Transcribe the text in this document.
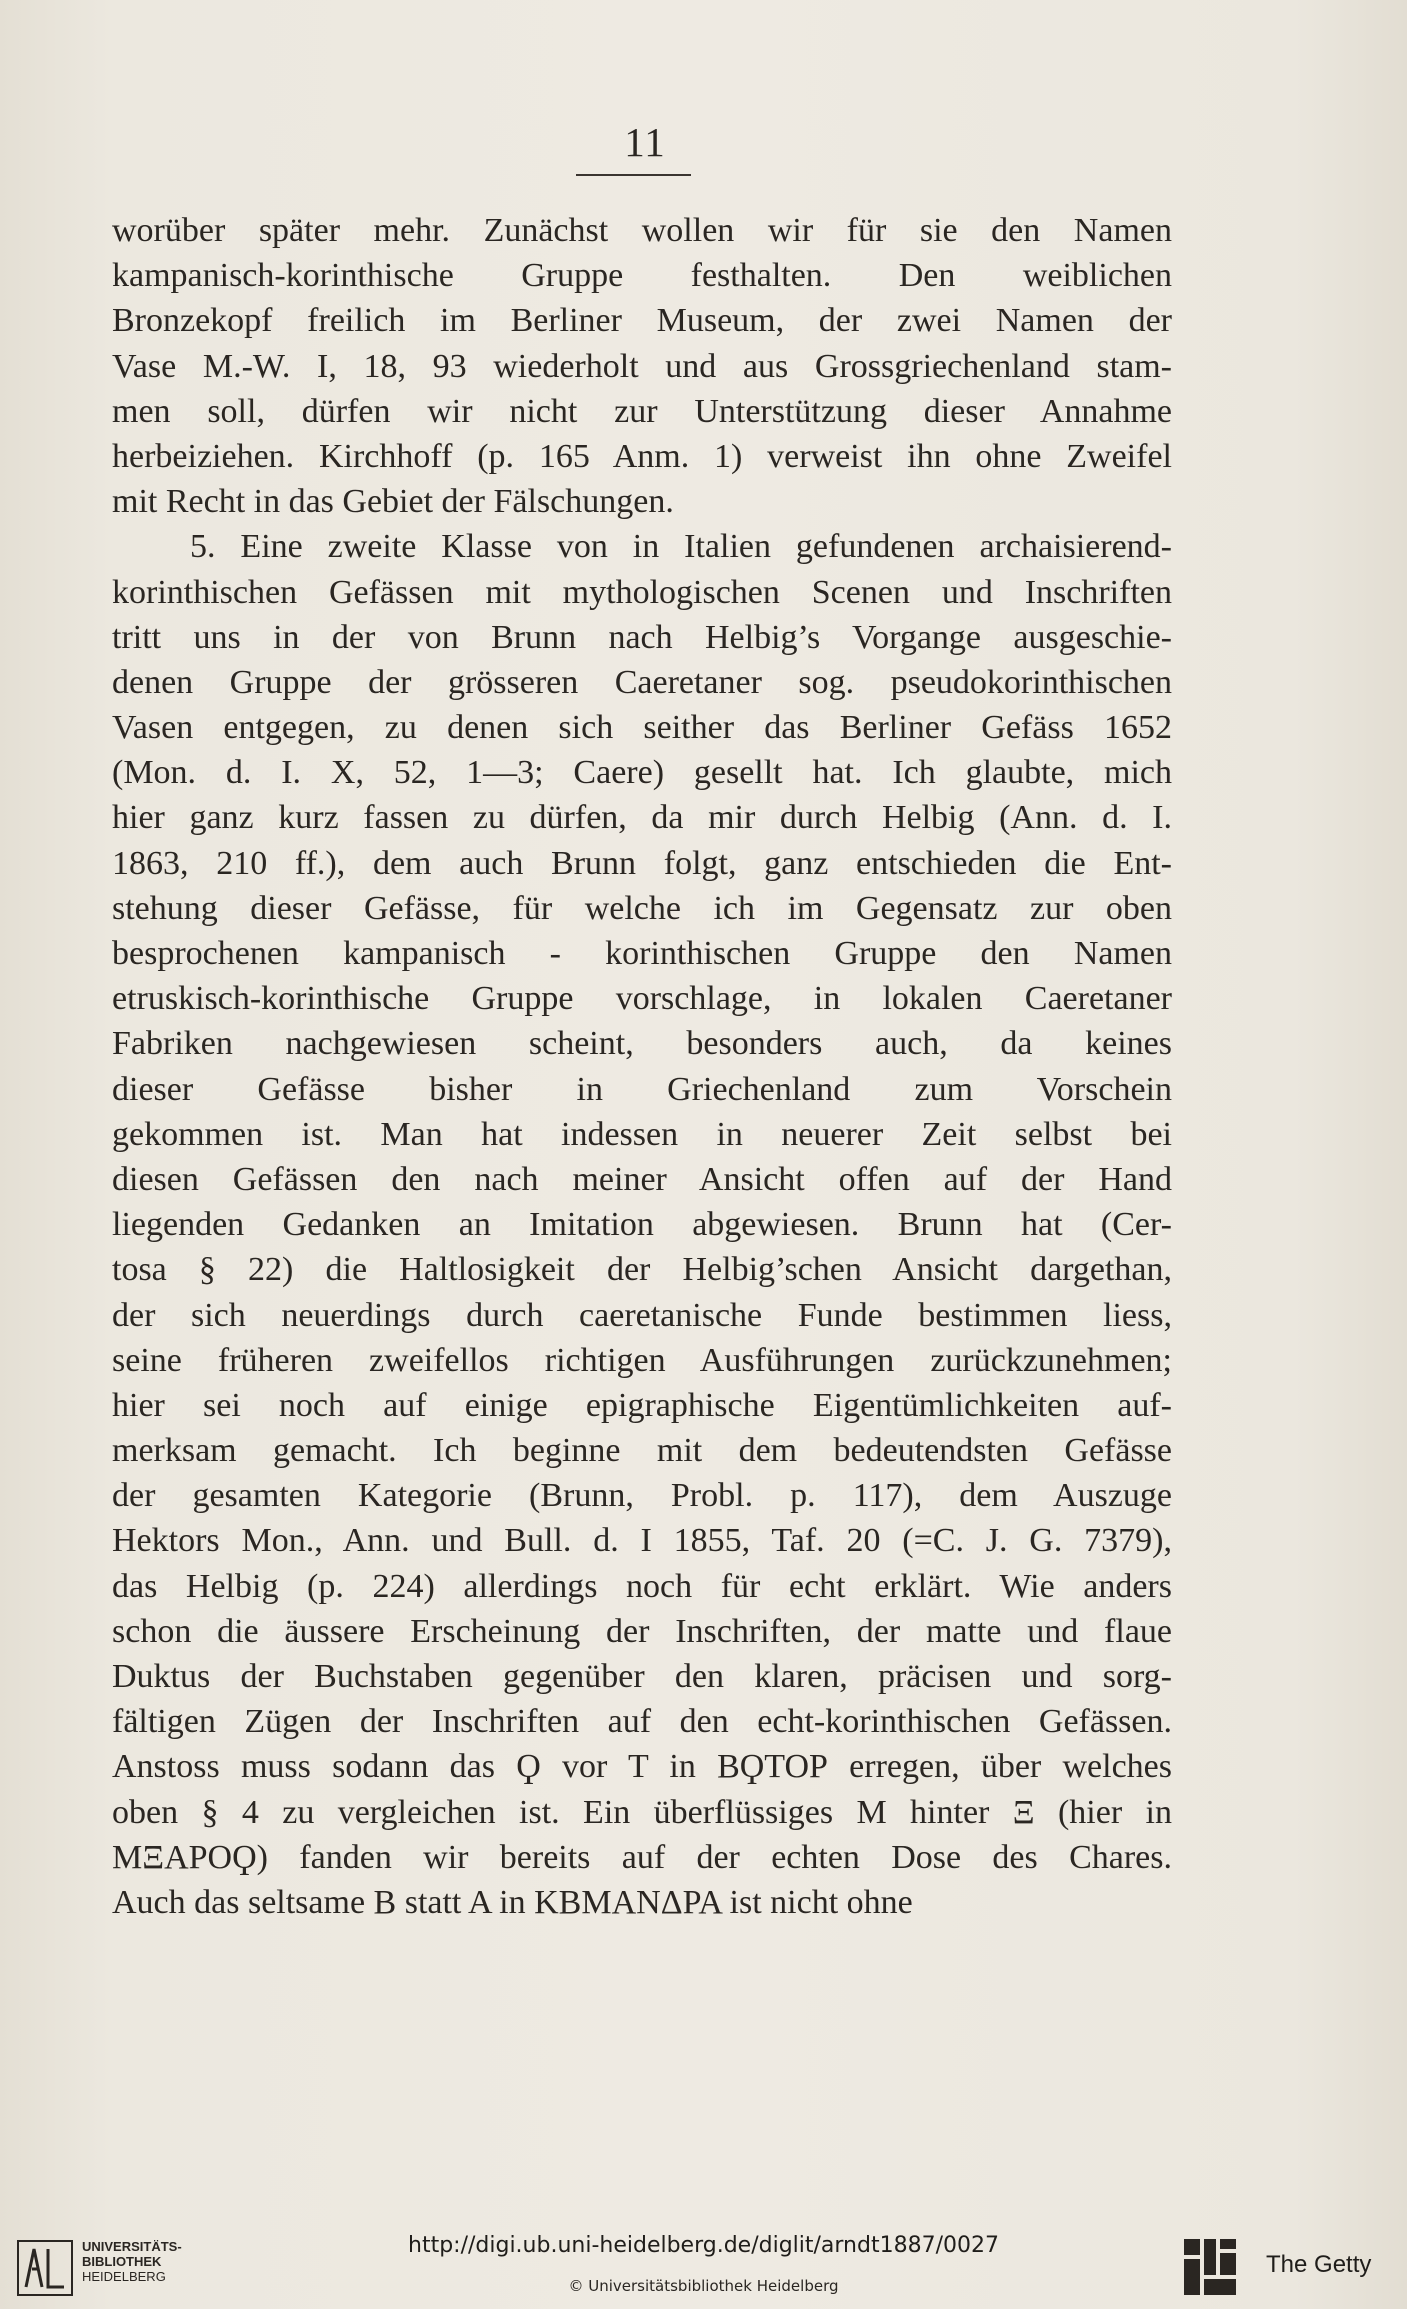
11
worüber später mehr. Zunächst wollen wir für sie den Namen
kampanisch-korinthische Gruppe festhalten. Den weiblichen
Bronzekopf freilich im Berliner Museum, der zwei Namen der
Vase M.-W. I, 18, 93 wiederholt und aus Grossgriechenland stam-
men soll, dürfen wir nicht zur Unterstützung dieser Annahme
herbeiziehen. Kirchhoff (p. 165 Anm. 1) verweist ihn ohne Zweifel
mit Recht in das Gebiet der Fälschungen.
5. Eine zweite Klasse von in Italien gefundenen archaisierend-
korinthischen Gefässen mit mythologischen Scenen und Inschriften
tritt uns in der von Brunn nach Helbig’s Vorgange ausgeschie-
denen Gruppe der grösseren Caeretaner sog. pseudokorinthischen
Vasen entgegen, zu denen sich seither das Berliner Gefäss 1652
(Mon. d. I. X, 52, 1—3; Caere) gesellt hat. Ich glaubte, mich
hier ganz kurz fassen zu dürfen, da mir durch Helbig (Ann. d. I.
1863, 210 ff.), dem auch Brunn folgt, ganz entschieden die Ent-
stehung dieser Gefässe, für welche ich im Gegensatz zur oben
besprochenen kampanisch - korinthischen Gruppe den Namen
etruskisch-korinthische Gruppe vorschlage, in lokalen Caeretaner
Fabriken nachgewiesen scheint, besonders auch, da keines
dieser Gefässe bisher in Griechenland zum Vorschein
gekommen ist. Man hat indessen in neuerer Zeit selbst bei
diesen Gefässen den nach meiner Ansicht offen auf der Hand
liegenden Gedanken an Imitation abgewiesen. Brunn hat (Cer-
tosa § 22) die Haltlosigkeit der Helbig’schen Ansicht dargethan,
der sich neuerdings durch caeretanische Funde bestimmen liess,
seine früheren zweifellos richtigen Ausführungen zurückzunehmen;
hier sei noch auf einige epigraphische Eigentümlichkeiten auf-
merksam gemacht. Ich beginne mit dem bedeutendsten Gefässe
der gesamten Kategorie (Brunn, Probl. p. 117), dem Auszuge
Hektors Mon., Ann. und Bull. d. I 1855, Taf. 20 (=C. J. G. 7379),
das Helbig (p. 224) allerdings noch für echt erklärt. Wie anders
schon die äussere Erscheinung der Inschriften, der matte und flaue
Duktus der Buchstaben gegenüber den klaren, präcisen und sorg-
fältigen Zügen der Inschriften auf den echt-korinthischen Gefässen.
Anstoss muss sodann das Ϙ vor T in ΒϘΤΟΡ erregen, über welches
oben § 4 zu vergleichen ist. Ein überflüssiges M hinter Ξ (hier in
ΜΞΑΡΟϘ) fanden wir bereits auf der echten Dose des Chares.
Auch das seltsame Β statt A in ΚΒΜΑΝΔΡΑ ist nicht ohne
UNIVERSITÄTS-
BIBLIOTHEK
HEIDELBERG
http://digi.ub.uni-heidelberg.de/diglit/arndt1887/0027
© Universitätsbibliothek Heidelberg
The Getty
